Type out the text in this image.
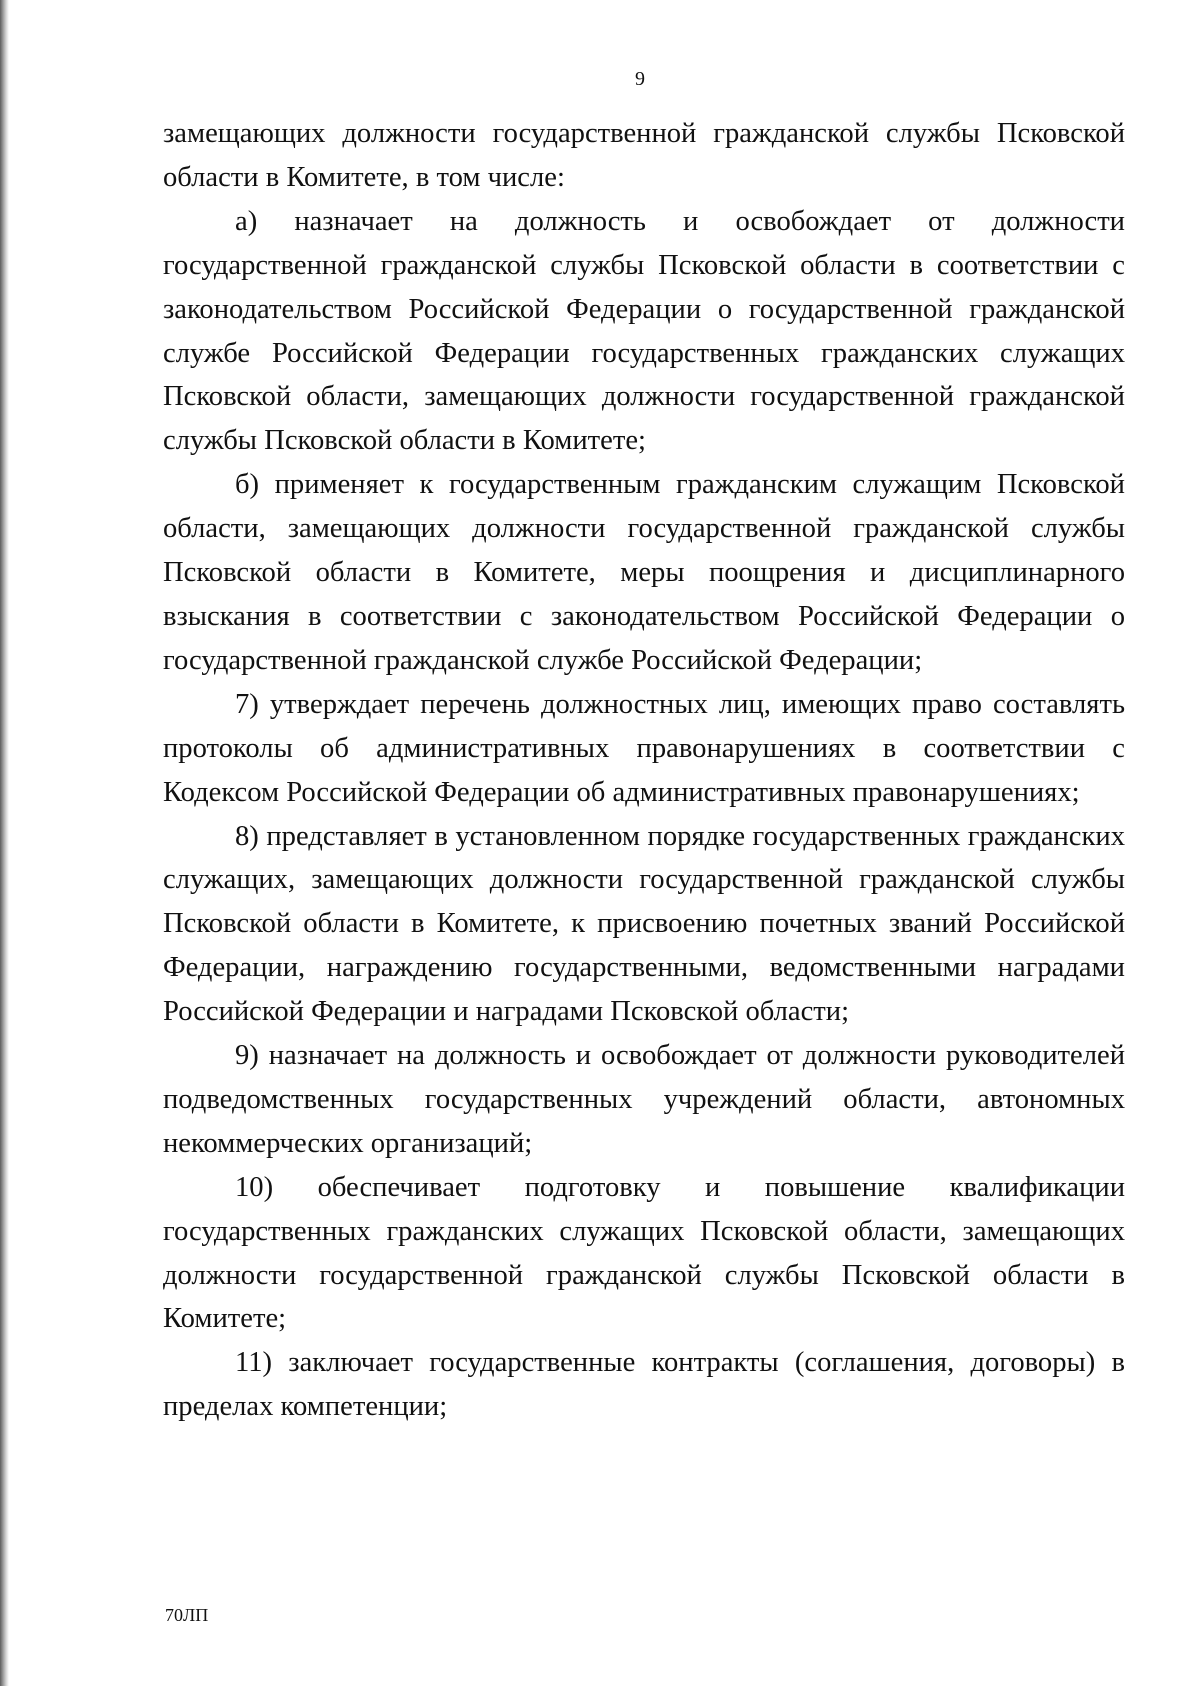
9

замещающих должности государственной гражданской службы Псковской области в Комитете, в том числе:

а) назначает на должность и освобождает от должности государственной гражданской службы Псковской области в соответствии с законодательством Российской Федерации о государственной гражданской службе Российской Федерации государственных гражданских служащих Псковской области, замещающих должности государственной гражданской службы Псковской области в Комитете;

б) применяет к государственным гражданским служащим Псковской области, замещающих должности государственной гражданской службы Псковской области в Комитете, меры поощрения и дисциплинарного взыскания в соответствии с законодательством Российской Федерации о государственной гражданской службе Российской Федерации;

7) утверждает перечень должностных лиц, имеющих право составлять протоколы об административных правонарушениях в соответствии с Кодексом Российской Федерации об административных правонарушениях;

8) представляет в установленном порядке государственных гражданских служащих, замещающих должности государственной гражданской службы Псковской области в Комитете, к присвоению почетных званий Российской Федерации, награждению государственными, ведомственными наградами Российской Федерации и наградами Псковской области;

9) назначает на должность и освобождает от должности руководителей подведомственных государственных учреждений области, автономных некоммерческих организаций;

10) обеспечивает подготовку и повышение квалификации государственных гражданских служащих Псковской области, замещающих должности государственной гражданской службы Псковской области в Комитете;

11) заключает государственные контракты (соглашения, договоры) в пределах компетенции;

70ЛП
